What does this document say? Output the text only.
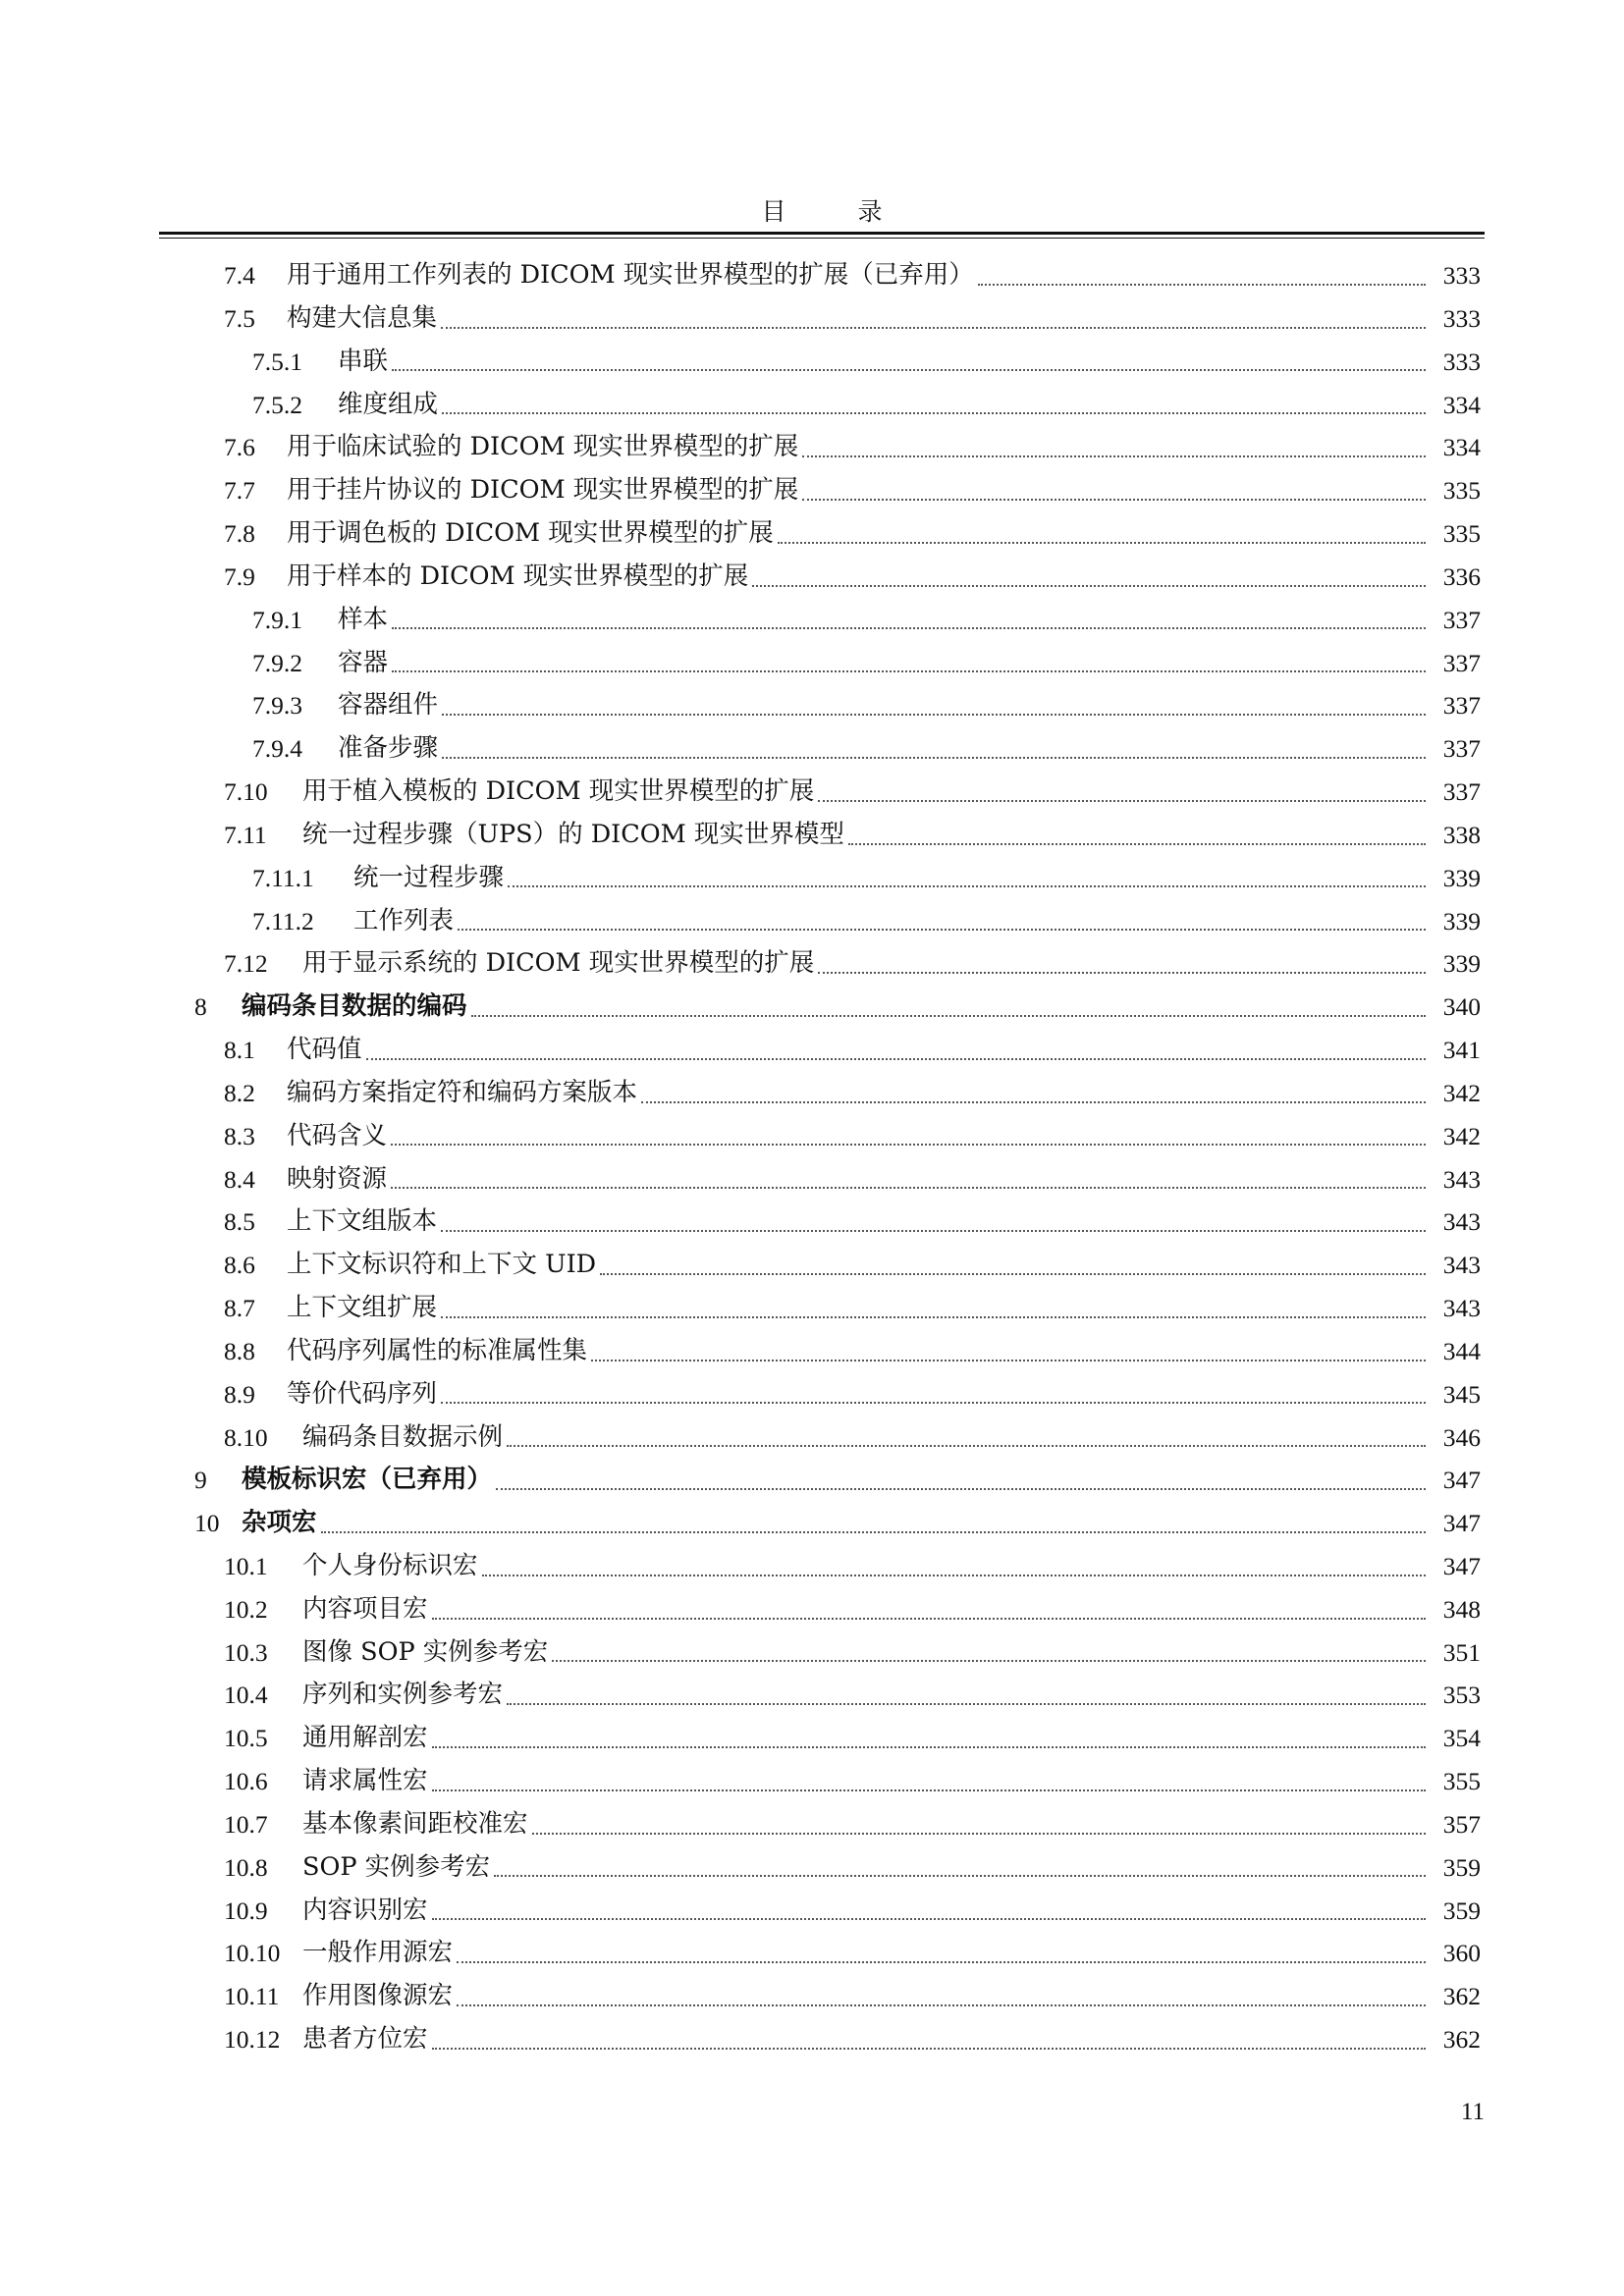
目　录
7.4	用于通用工作列表的 DICOM 现实世界模型的扩展（已弃用）	333
7.5	构建大信息集	333
7.5.1	串联	333
7.5.2	维度组成	334
7.6	用于临床试验的 DICOM 现实世界模型的扩展	334
7.7	用于挂片协议的 DICOM 现实世界模型的扩展	335
7.8	用于调色板的 DICOM 现实世界模型的扩展	335
7.9	用于样本的 DICOM 现实世界模型的扩展	336
7.9.1	样本	337
7.9.2	容器	337
7.9.3	容器组件	337
7.9.4	准备步骤	337
7.10	用于植入模板的 DICOM 现实世界模型的扩展	337
7.11	统一过程步骤（UPS）的 DICOM 现实世界模型	338
7.11.1	统一过程步骤	339
7.11.2	工作列表	339
7.12	用于显示系统的 DICOM 现实世界模型的扩展	339
8	编码条目数据的编码	340
8.1	代码值	341
8.2	编码方案指定符和编码方案版本	342
8.3	代码含义	342
8.4	映射资源	343
8.5	上下文组版本	343
8.6	上下文标识符和上下文 UID	343
8.7	上下文组扩展	343
8.8	代码序列属性的标准属性集	344
8.9	等价代码序列	345
8.10	编码条目数据示例	346
9	模板标识宏（已弃用）	347
10 杂项宏	347
10.1	个人身份标识宏	347
10.2	内容项目宏	348
10.3	图像 SOP 实例参考宏	351
10.4	序列和实例参考宏	353
10.5	通用解剖宏	354
10.6	请求属性宏	355
10.7	基本像素间距校准宏	357
10.8	SOP 实例参考宏	359
10.9	内容识别宏	359
10.10 一般作用源宏	360
10.11 作用图像源宏	362
10.12 患者方位宏	362
11
